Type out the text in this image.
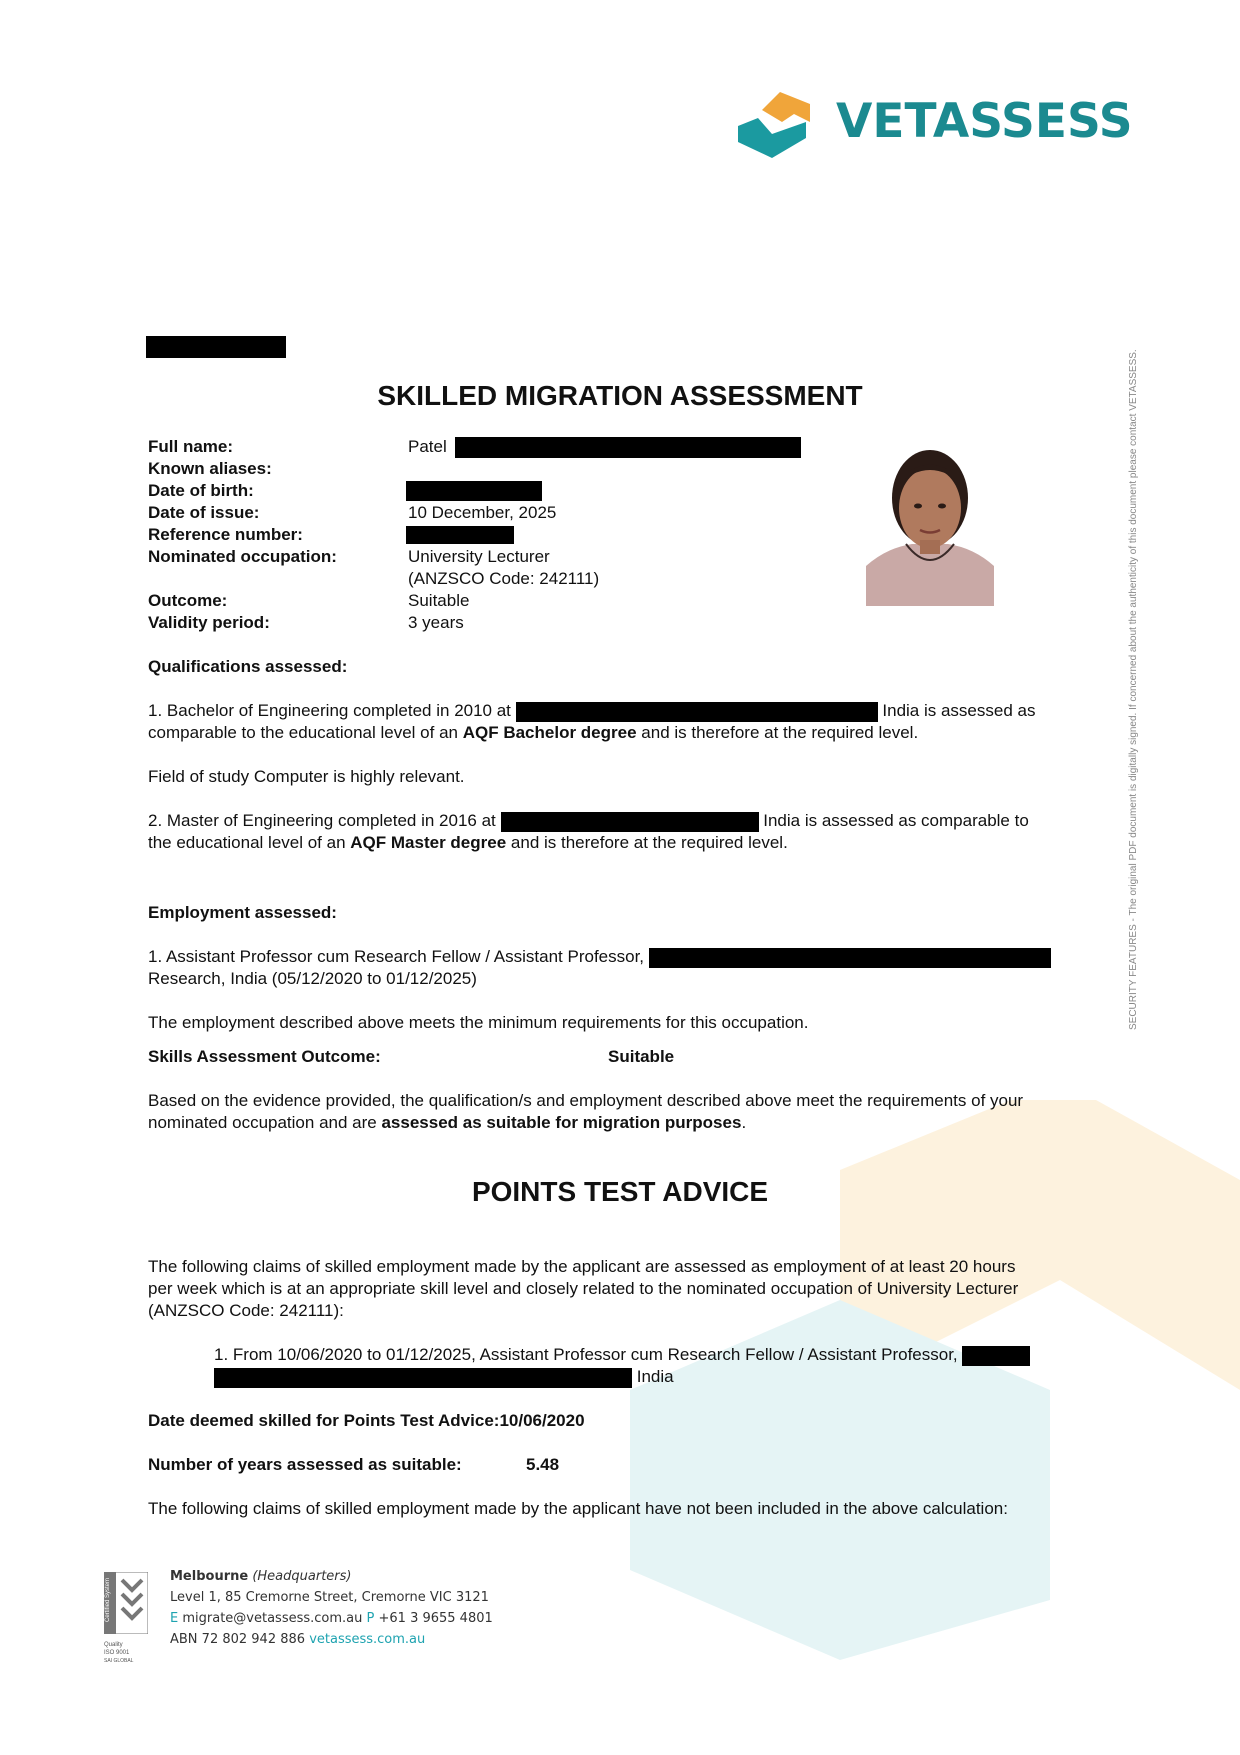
VETASSESS
SECURITY FEATURES - The original PDF document is digitally signed. If concerned about the authenticity of this document please contact VETASSESS.
SKILLED MIGRATION ASSESSMENT
Full name:	Patel
Known aliases:
Date of birth:
Date of issue:	10 December, 2025
Reference number:
Nominated occupation:	University Lecturer
(ANZSCO Code: 242111)
Outcome:	Suitable
Validity period:	3 years
Qualifications assessed:
1. Bachelor of Engineering completed in 2010 at	India is assessed as
comparable to the educational level of an AQF Bachelor degree and is therefore at the required level.
Field of study Computer is highly relevant.
2. Master of Engineering completed in 2016 at	India is assessed as comparable to
the educational level of an AQF Master degree and is therefore at the required level.
Employment assessed:
1. Assistant Professor cum Research Fellow / Assistant Professor,
Research, India (05/12/2020 to 01/12/2025)
The employment described above meets the minimum requirements for this occupation.
Skills Assessment Outcome:	Suitable
Based on the evidence provided, the qualification/s and employment described above meet the requirements of your
nominated occupation and are assessed as suitable for migration purposes.
POINTS TEST ADVICE
The following claims of skilled employment made by the applicant are assessed as employment of at least 20 hours
per week which is at an appropriate skill level and closely related to the nominated occupation of University Lecturer
(ANZSCO Code: 242111):
1. From 10/06/2020 to 01/12/2025, Assistant Professor cum Research Fellow / Assistant Professor,
India
Date deemed skilled for Points Test Advice:10/06/2020
Number of years assessed as suitable:	5.48
The following claims of skilled employment made by the applicant have not been included in the above calculation:
Certified System
Quality
ISO 9001
SAI GLOBAL
Melbourne (Headquarters)
Level 1, 85 Cremorne Street, Cremorne VIC 3121
E migrate@vetassess.com.au P +61 3 9655 4801
ABN 72 802 942 886 vetassess.com.au
